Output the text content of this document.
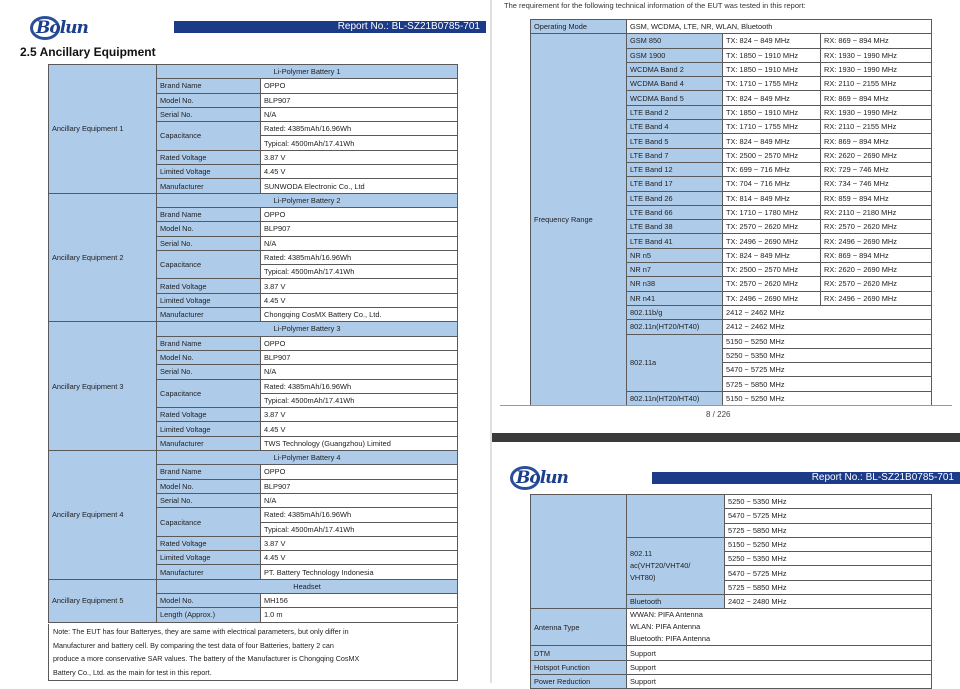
Bolun	Report No.: BL-SZ21B0785-701
2.5 Ancillary Equipment
Ancillary Equipment 1	Li-Polymer Battery 1	
	Brand Name	OPPO
	Model No.	BLP907
	Serial No.	N/A
	Capacitance	Rated: 4385mAh/16.96Wh
		Typical: 4500mAh/17.41Wh
	Rated Voltage	3.87 V
	Limited Voltage	4.45 V
	Manufacturer	SUNWODA Electronic Co., Ltd
Ancillary Equipment 2	Li-Polymer Battery 2	
	Brand Name	OPPO
	Model No.	BLP907
	Serial No.	N/A
	Capacitance	Rated: 4385mAh/16.96Wh
		Typical: 4500mAh/17.41Wh
	Rated Voltage	3.87 V
	Limited Voltage	4.45 V
	Manufacturer	Chongqing CosMX Battery Co., Ltd.
Ancillary Equipment 3	Li-Polymer Battery 3	
	Brand Name	OPPO
	Model No.	BLP907
	Serial No.	N/A
	Capacitance	Rated: 4385mAh/16.96Wh
		Typical: 4500mAh/17.41Wh
	Rated Voltage	3.87 V
	Limited Voltage	4.45 V
	Manufacturer	TWS Technology (Guangzhou) Limited
Ancillary Equipment 4	Li-Polymer Battery 4	
	Brand Name	OPPO
	Model No.	BLP907
	Serial No.	N/A
	Capacitance	Rated: 4385mAh/16.96Wh
		Typical: 4500mAh/17.41Wh
	Rated Voltage	3.87 V
	Limited Voltage	4.45 V
	Manufacturer	PT. Battery Technology Indonesia
Ancillary Equipment 5	Headset	
	Model No.	MH156
	Length (Approx.)	1.0 m
Note: The EUT has four Batteryes, they are same with electrical parameters, but only differ in
Manufacturer and battery cell. By comparing the test data of four Batteries, battery 2 can
produce a more conservative SAR values. The battery of the Manufacturer is Chongqing CosMX
Battery Co., Ltd. as the main for test in this report.
The requirement for the following technical information of the EUT was tested in this report:
Operating Mode	GSM, WCDMA, LTE, NR, WLAN, Bluetooth		
Frequency Range	GSM 850	TX: 824 ~ 849 MHz	RX: 869 ~ 894 MHz
	GSM 1900	TX: 1850 ~ 1910 MHz	RX: 1930 ~ 1990 MHz
	WCDMA Band 2	TX: 1850 ~ 1910 MHz	RX: 1930 ~ 1990 MHz
	WCDMA Band 4	TX: 1710 ~ 1755 MHz	RX: 2110 ~ 2155 MHz
	WCDMA Band 5	TX: 824 ~ 849 MHz	RX: 869 ~ 894 MHz
	LTE Band 2	TX: 1850 ~ 1910 MHz	RX: 1930 ~ 1990 MHz
	LTE Band 4	TX: 1710 ~ 1755 MHz	RX: 2110 ~ 2155 MHz
	LTE Band 5	TX: 824 ~ 849 MHz	RX: 869 ~ 894 MHz
	LTE Band 7	TX: 2500 ~ 2570 MHz	RX: 2620 ~ 2690 MHz
	LTE Band 12	TX: 699 ~ 716 MHz	RX: 729 ~ 746 MHz
	LTE Band 17	TX: 704 ~ 716 MHz	RX: 734 ~ 746 MHz
	LTE Band 26	TX: 814 ~ 849 MHz	RX: 859 ~ 894 MHz
	LTE Band 66	TX: 1710 ~ 1780 MHz	RX: 2110 ~ 2180 MHz
	LTE Band 38	TX: 2570 ~ 2620 MHz	RX: 2570 ~ 2620 MHz
	LTE Band 41	TX: 2496 ~ 2690 MHz	RX: 2496 ~ 2690 MHz
	NR n5	TX: 824 ~ 849 MHz	RX: 869 ~ 894 MHz
	NR n7	TX: 2500 ~ 2570 MHz	RX: 2620 ~ 2690 MHz
	NR n38	TX: 2570 ~ 2620 MHz	RX: 2570 ~ 2620 MHz
	NR n41	TX: 2496 ~ 2690 MHz	RX: 2496 ~ 2690 MHz
	802.11b/g	2412 ~ 2462 MHz	
	802.11n(HT20/HT40)	2412 ~ 2462 MHz	
	802.11a	5150 ~ 5250 MHz	
		5250 ~ 5350 MHz	
		5470 ~ 5725 MHz	
		5725 ~ 5850 MHz	
	802.11n(HT20/HT40)	5150 ~ 5250 MHz	
8 / 226
Bolun	Report No.: BL-SZ21B0785-701
		5250 ~ 5350 MHz
		5470 ~ 5725 MHz
		5725 ~ 5850 MHz

	802.11
ac(VHT20/VHT40/
VHT80)	5150 ~ 5250 MHz
		5250 ~ 5350 MHz
		5470 ~ 5725 MHz
		5725 ~ 5850 MHz
	Bluetooth	2402 ~ 2480 MHz
Antenna Type	WWAN: PIFA Antenna
WLAN: PIFA Antenna
Bluetooth: PIFA Antenna	

DTM	Support	
Hotspot Function	Support	
Power Reduction	Support	
